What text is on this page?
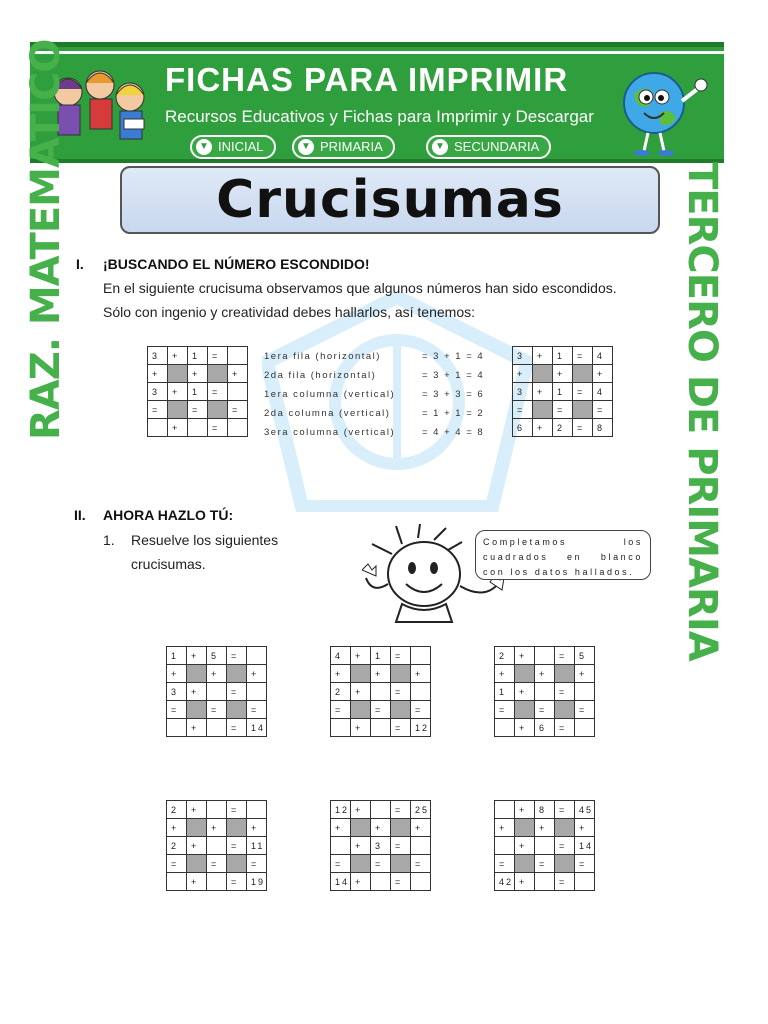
FICHAS PARA IMPRIMIR
Recursos Educativos y Fichas para Imprimir y Descargar
▼ INICIAL	▼ PRIMARIA	▼ SECUNDARIA
Crucisumas
RAZ. MATEMATICO	TERCERO DE PRIMARIA
I. ¡BUSCANDO EL NÚMERO ESCONDIDO!
En el siguiente crucisuma observamos que algunos números han sido escondidos.
Sólo con ingenio y creatividad debes hallarlos, así tenemos:
3	+	1	=	
+		+		+
3	+	1	=	
=		=		=
	+		=	
1era fila (horizontal)	= 3 + 1 = 4
2da fila (horizontal)	= 3 + 1 = 4
1era columna (vertical)	= 3 + 3 = 6
2da columna (vertical)	= 1 + 1 = 2
3era columna (vertical)	= 4 + 4 = 8
3	+	1	=	4
+		+		+
3	+	1	=	4
=		=		=
6	+	2	=	8
II. AHORA HAZLO TÚ:
1. Resuelve los siguientes
crucisumas.
Completamos los cuadrados en blanco con los datos hallados.
1	+	5	=	
+		+		+
3	+		=	
=		=		=
	+		=	14
4	+	1	=	
+		+		+
2	+		=	
=		=		=
	+		=	12
2	+		=	5
+		+		+
1	+		=	
=		=		=
	+	6	=	
2	+		=	
+		+		+
2	+		=	11
=		=		=
	+		=	19
12	+		=	25
+		+		+
	+	3	=	
=		=		=
14	+		=	
	+	8	=	45
+		+		+
	+		=	14
=		=		=
42	+		=	
